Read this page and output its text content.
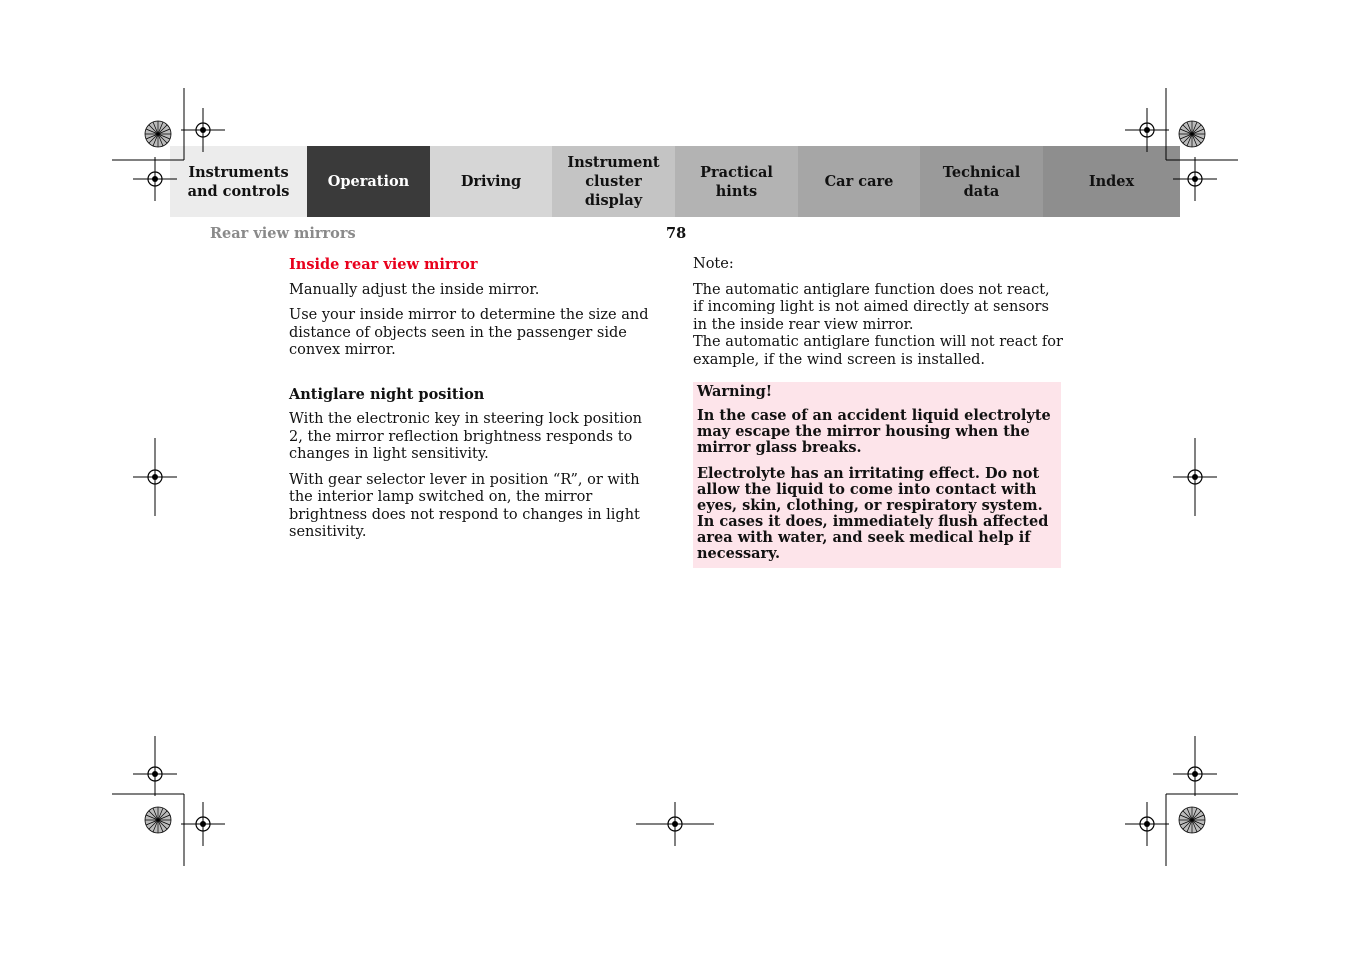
Instruments
and controls
Operation	Driving
Instrument
cluster display
Practical hints
Car care
Technical
data
Index
Rear view mirrors	78
Inside rear view mirror

Manually adjust the inside mirror.

Use your inside mirror to determine the size and distance of objects seen in the passenger side convex mirror.

Antiglare night position

With the electronic key in steering lock position 2, the mirror reflection brightness responds to changes in light sensitivity.

With gear selector lever in position “R”, or with the interior lamp switched on, the mirror brightness does not respond to changes in light sensitivity.

Note:

The automatic antiglare function does not react, if incoming light is not aimed directly at sensors in the inside rear view mirror.
The automatic antiglare function will not react for example, if the wind screen is installed.
Warning!

In the case of an accident liquid electrolyte may escape the mirror housing when the mirror glass breaks.

Electrolyte has an irritating effect. Do not allow the liquid to come into contact with eyes, skin, clothing, or respiratory system. In cases it does, immediately flush affected area with water, and seek medical help if necessary.
